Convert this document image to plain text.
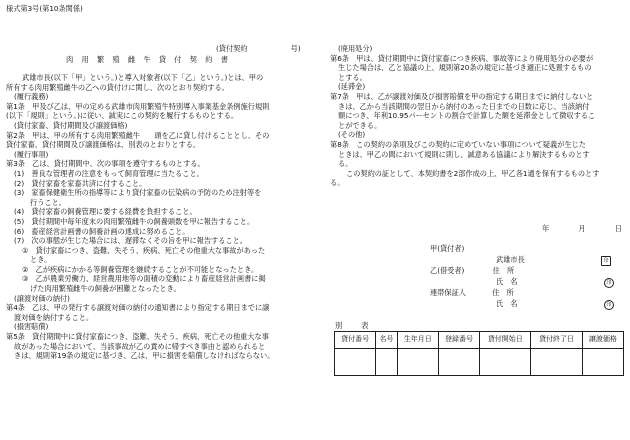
様式第3号(第10条関係)
(貸付契約　　　　　　号)
肉 用 繁 殖 雌 牛 貸 付 契 約 書

武雄市長(以下「甲」という。)と導入対象者(以下「乙」という。)とは、甲の

所有する肉用繁殖雌牛の乙への貸付けに関し、次のとおり契約する。

(履行義務)

第1条　甲及び乙は、甲の定める武雄市肉用繁殖牛特別導入事業基金条例施行規則

(以下「規則」という。)に従い、誠実にこの契約を履行するものとする。

(貸付家畜、貸付期間及び譲渡価格)

第2条　甲は、甲の所有する肉用繁殖雌牛　　頭を乙に貸し付けることとし、その

貸付家畜、貸付期間及び譲渡価格は、別表のとおりとする。

(履行事項)

第3条　乙は、貸付期間中、次の事項を遵守するものとする。

(1)　善良な管理者の注意をもって飼育管理に当たること。

(2)　貸付家畜を家畜共済に付すること。

(3)　家畜保健衛生所の指導等により貸付家畜の伝染病の予防のため注射等を

行うこと。

(4)　貸付家畜の飼養管理に要する経費を負担すること。

(5)　貸付期間中毎年度末の肉用繁殖雌牛の飼養頭数を甲に報告すること。

(6)　畜産経営計画書の飼養計画の達成に努めること。

(7)　次の事態が生じた場合には、遅滞なくその旨を甲に報告すること。

①　貸付家畜につき、盗難、失そう、疾病、死亡その他重大な事故があった

とき。

②　乙が疾病にかかる等飼養管理を継続することが不可能となったとき。

③　乙が農業労働力、経営農用地等の面積の変動により畜産経営計画書に掲

げた肉用繁殖雌牛の飼養が困難となったとき。

(譲渡対価の納付)

第4条　乙は、甲の発行する譲渡対価の納付の通知書により指定する期日までに譲

渡対価を納付すること。

(損害賠償)

第5条　貸付期間中に貸付家畜につき、盗難、失そう、疾病、死亡その他重大な事

故があった場合において、当該事故が乙の責めに帰すべき事由と認められると

きは、規則第19条の規定に基づき、乙は、甲に損害を賠償しなければならない。

(廃用処分)

第6条　甲は、貸付期間中に貸付家畜につき疾病、事故等により廃用処分の必要が

生じた場合は、乙と協議の上、規則第20条の規定に基づき適正に処置するもの

とする。

(延滞金)

第7条　甲は、乙が譲渡対価及び損害賠償を甲の指定する期日までに納付しないと

きは、乙から当該期間の翌日から納付のあった日までの日数に応じ、当該納付

額につき、年利10.95パーセントの割合で計算した額を延滞金として徴収するこ

とができる。

(その他)

第8条　この契約の条項及びこの契約に定めていない事項について疑義が生じた

ときは、甲乙の間において規則に則し、誠意ある協議により解決するものとす

る。

この契約の証として、本契約書を2部作成の上、甲乙各1通を保有するものとす

る。

年	月	日
甲(貸付者)
武雄市長	印
乙(借受者)	住　所
氏　名	印
連帯保証人	住　所
氏　名	印
別　表
貸付番号	名号	生年月日	登録番号	貸付開始日	貸付終了日	譲渡価格
